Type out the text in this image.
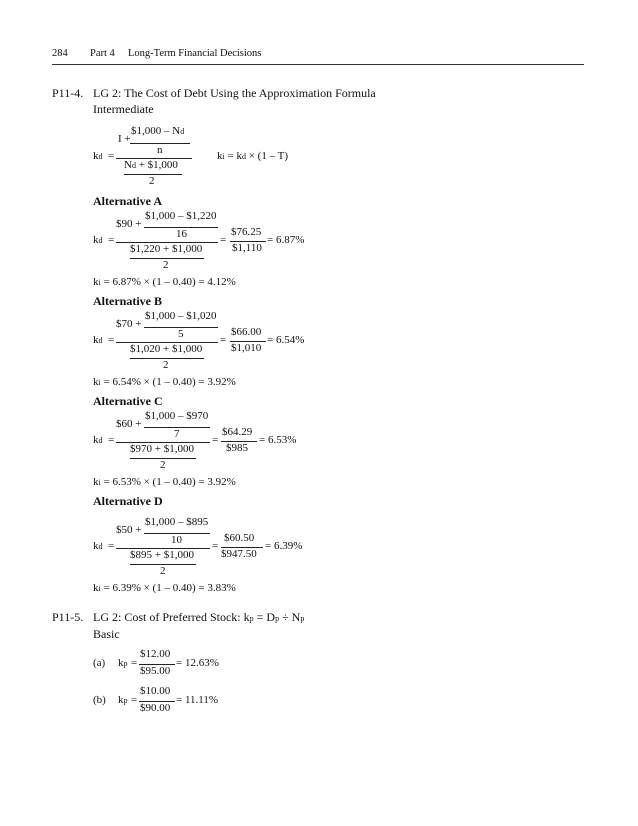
284 Part 4 Long-Term Financial Decisions
P11-4. LG 2: The Cost of Debt Using the Approximation Formula
Intermediate
kd =
I +
$1,000 – Nd
n
Nd + $1,000
2
ki = kd × (1 – T)
Alternative A
kd =
$90 +
$1,000 – $1,220
16
$1,220 + $1,000
2
=
$76.25
$1,110
= 6.87%
ki = 6.87% × (1 – 0.40) = 4.12%
Alternative B
kd =
$70 +
$1,000 – $1,020
5
$1,020 + $1,000
2
=
$66.00
$1,010
= 6.54%
ki = 6.54% × (1 – 0.40) = 3.92%
Alternative C
kd =
$60 +
$1,000 – $970
7
$970 + $1,000
2
=
$64.29
$985
= 6.53%
ki = 6.53% × (1 – 0.40) = 3.92%
Alternative D
kd =
$50 +
$1,000 – $895
10
$895 + $1,000
2
=
$60.50
$947.50
= 6.39%
ki = 6.39% × (1 – 0.40) = 3.83%
P11-5. LG 2: Cost of Preferred Stock: kp = Dp ÷ Np
Basic
(a) kp =
$12.00
$95.00
= 12.63%
(b) kp =
$10.00
$90.00
= 11.11%
